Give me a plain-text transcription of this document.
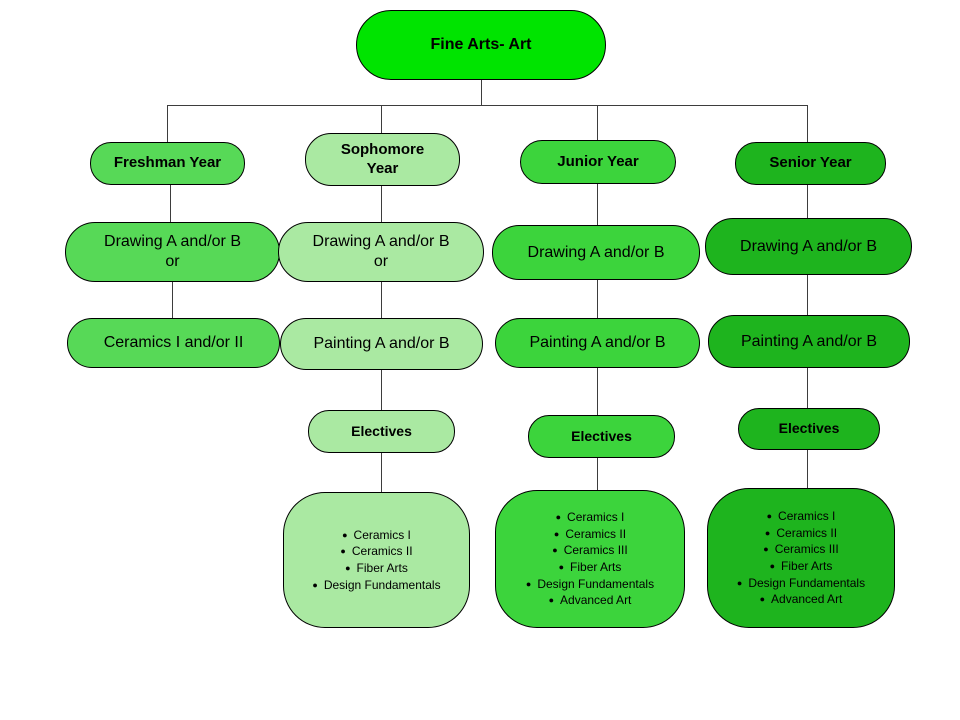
Fine Arts- Art
Freshman Year
Drawing A and/or B
or
Ceramics I and/or II
Sophomore Year
Drawing A and/or B
or
Painting A and/or B
Electives
● Ceramics I
● Ceramics II
● Fiber Arts
● Design Fundamentals
Junior Year
Drawing A and/or B
Painting A and/or B
Electives
● Ceramics I
● Ceramics II
● Ceramics III
● Fiber Arts
● Design Fundamentals
● Advanced Art
Senior Year
Drawing A and/or B
Painting A and/or B
Electives
● Ceramics I
● Ceramics II
● Ceramics III
● Fiber Arts
● Design Fundamentals
● Advanced Art
